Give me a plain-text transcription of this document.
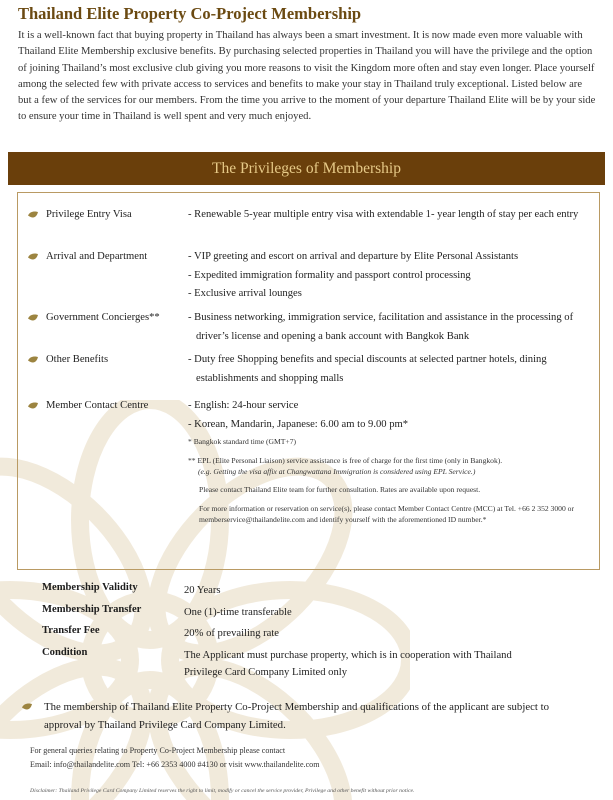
Thailand Elite Property Co-Project Membership

It is a well-known fact that buying property in Thailand has always been a smart investment. It is now made even more valuable with Thailand Elite Membership exclusive benefits. By purchasing selected properties in Thailand you will have the privilege and the option of joining Thailand’s most exclusive club giving you more reasons to visit the Kingdom more often and stay even longer. Place yourself among the selected few with private access to services and benefits to make your stay in Thailand truly exceptional. Listed below are but a few of the services for our members. From the time you arrive to the moment of your departure Thailand Elite will be by your side to ensure your time in Thailand is well spent and very much enjoyed.

The Privileges of Membership
Privilege Entry Visa	- Renewable 5-year multiple entry visa with extendable 1- year length of stay per each entry
Arrival and Department	- VIP greeting and escort on arrival and departure by Elite Personal Assistants
- Expedited immigration formality and passport control processing
- Exclusive arrival lounges
Government Concierges**	- Business networking, immigration service, facilitation and assistance in the processing of driver’s license and opening a bank account with Bangkok Bank
Other Benefits	- Duty free Shopping benefits and special discounts at selected partner hotels, dining establishments and shopping malls
Member Contact Centre	- English: 24-hour service
- Korean, Mandarin, Japanese: 6.00 am to 9.00 pm*
* Bangkok standard time (GMT+7)
** EPL (Elite Personal Liaison) service assistance is free of charge for the first time (only in Bangkok).
(e.g. Getting the visa affix at Changwattana Immigration is considered using EPL Service.)
Please contact Thailand Elite team for further consultation. Rates are available upon request.
For more information or reservation on service(s), please contact Member Contact Centre (MCC) at Tel. +66 2 352 3000 or memberservice@thailandelite.com and identify yourself with the aforementioned ID number.*
Membership Validity	20 Years
Membership Transfer	One (1)-time transferable
Transfer Fee	20% of prevailing rate
Condition	The Applicant must purchase property, which is in cooperation with Thailand Privilege Card Company Limited only
The membership of Thailand Elite Property Co-Project Membership and qualifications of the applicant are subject to approval by Thailand Privilege Card Company Limited.
For general queries relating to Property Co-Project Membership please contact
Email: info@thailandelite.com Tel: +66 2353 4000 #4130 or visit www.thailandelite.com
Disclaimer: Thailand Privilege Card Company Limited reserves the right to limit, modify or cancel the service provider, Privilege and other benefit without prior notice.
